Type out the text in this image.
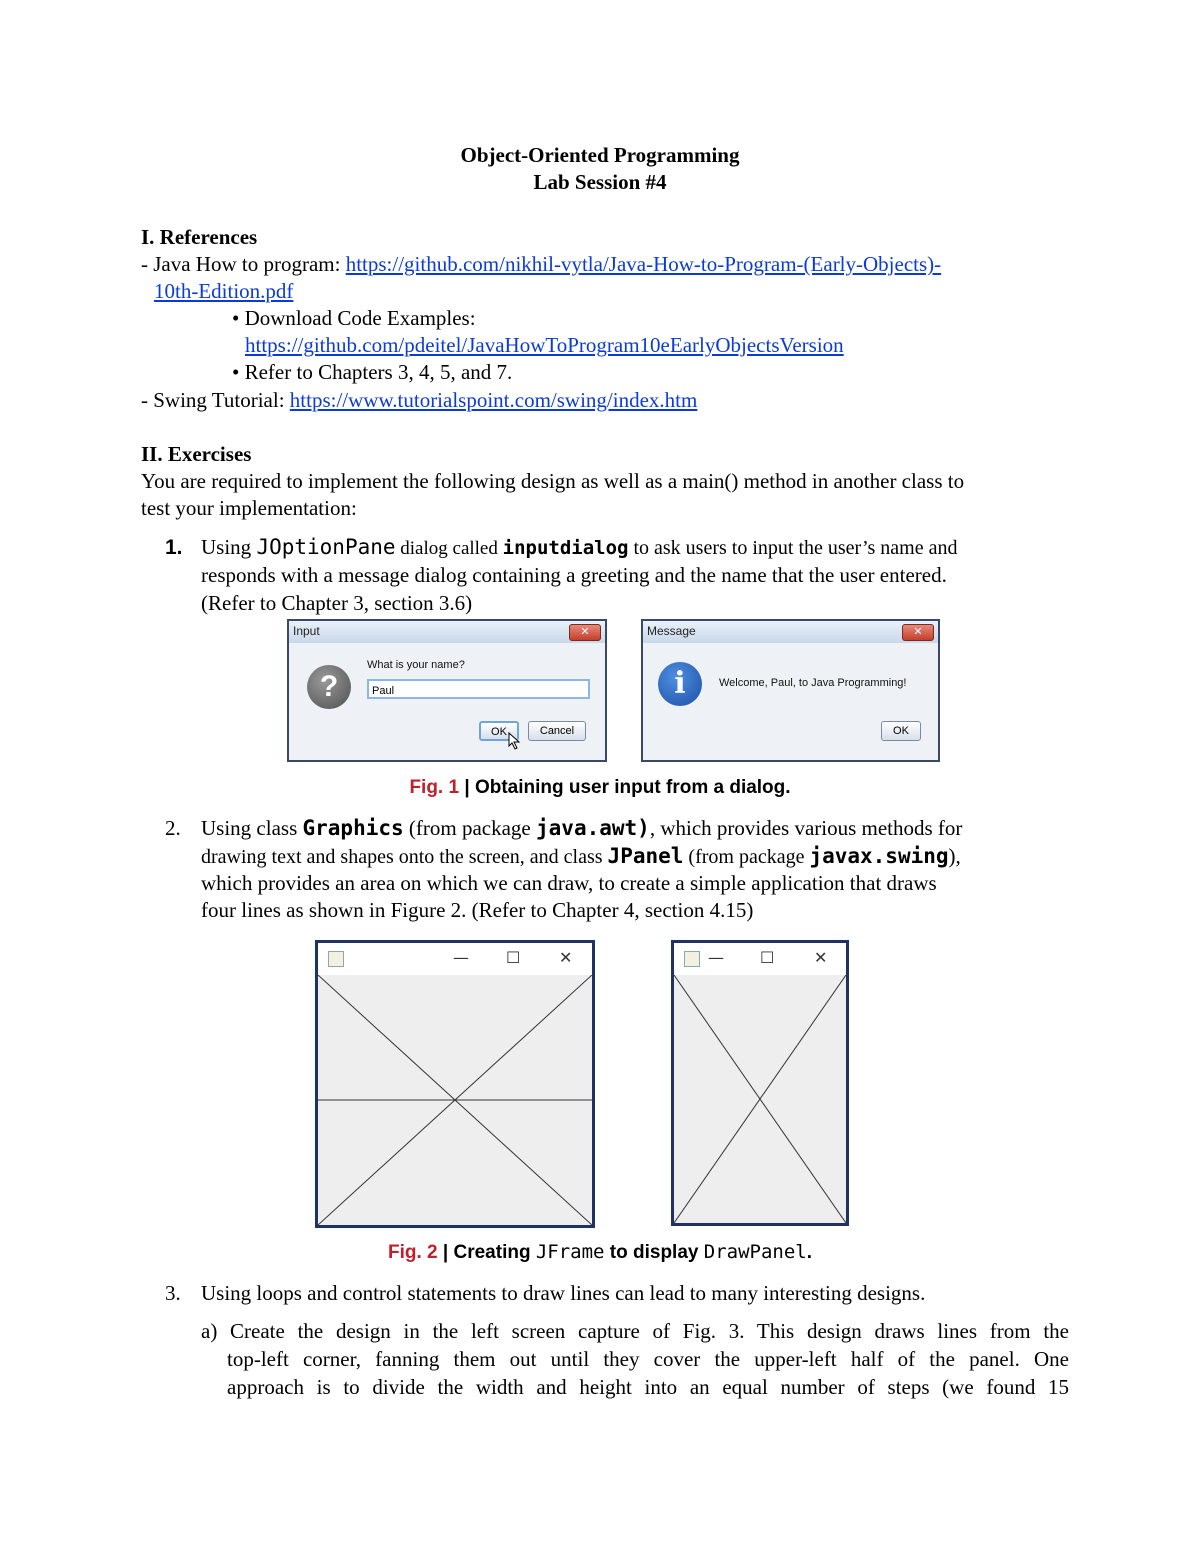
Object-Oriented Programming
Lab Session #4
I. References
- Java How to program: https://github.com/nikhil-vytla/Java-How-to-Program-(Early-Objects)-
10th-Edition.pdf
• Download Code Examples:
https://github.com/pdeitel/JavaHowToProgram10eEarlyObjectsVersion
• Refer to Chapters 3, 4, 5, and 7.
- Swing Tutorial: https://www.tutorialspoint.com/swing/index.htm
II. Exercises
You are required to implement the following design as well as a main() method in another class to
test your implementation:
1. Using JOptionPane dialog called inputdialog to ask users to input the user’s name and
responds with a message dialog containing a greeting and the name that the user entered.
(Refer to Chapter 3, section 3.6)
Input	✕
?
What is your name?
Paul
OK	Cancel
Message	✕
i	Welcome, Paul, to Java Programming!
OK
Fig. 1 | Obtaining user input from a dialog.
2. Using class Graphics (from package java.awt), which provides various methods for
drawing text and shapes onto the screen, and class JPanel (from package javax.swing),
which provides an area on which we can draw, to create a simple application that draws
four lines as shown in Figure 2. (Refer to Chapter 4, section 4.15)
— ☐ ✕	— ☐ ✕
Fig. 2 | Creating JFrame to display DrawPanel.
3. Using loops and control statements to draw lines can lead to many interesting designs.
a) Create the design in the left screen capture of Fig. 3. This design draws lines from the
top-left corner, fanning them out until they cover the upper-left half of the panel. One
approach is to divide the width and height into an equal number of steps (we found 15
